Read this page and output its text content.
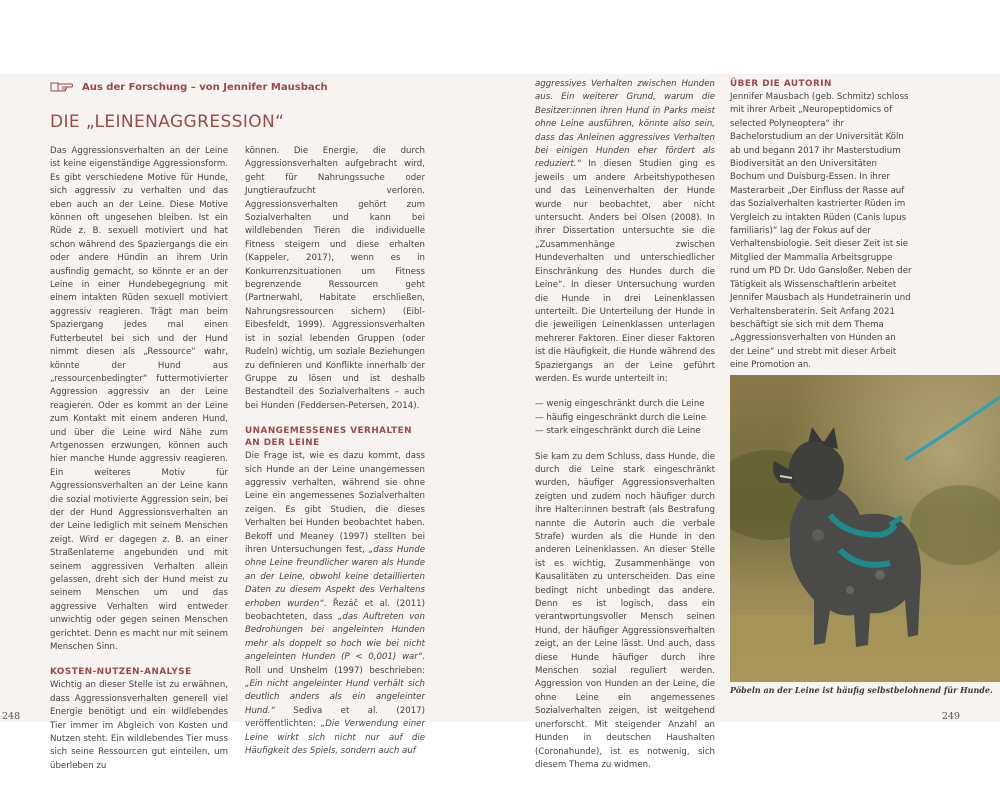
Aus der Forschung – von Jennifer Mausbach
DIE „LEINENAGGRESSION“

Das Aggressionsverhalten an der Leine ist keine eigenständige Aggressionsform. Es gibt verschiedene Motive für Hunde, sich aggressiv zu verhalten und das eben auch an der Leine. Diese Motive können oft ungesehen bleiben. Ist ein Rüde z. B. sexuell motiviert und hat schon während des Spaziergangs die ein oder andere Hündin an ihrem Urin ausfindig gemacht, so könnte er an der Leine in einer Hundebegegnung mit einem intakten Rüden sexuell motiviert aggressiv reagieren. Trägt man beim Spaziergang jedes mal einen Futterbeutel bei sich und der Hund nimmt diesen als „Ressource“ wahr, könnte der Hund aus „ressourcenbedingter“ futtermotivierter Aggression aggressiv an der Leine reagieren. Oder es kommt an der Leine zum Kontakt mit einem anderen Hund, und über die Leine wird Nähe zum Artgenossen erzwungen, können auch hier manche Hunde aggressiv reagieren. Ein weiteres Motiv für Aggressionsverhalten an der Leine kann die sozial motivierte Aggression sein, bei der der Hund Aggressionsverhalten an der Leine lediglich mit seinem Menschen zeigt. Wird er dagegen z. B. an einer Straßenlaterne angebunden und mit seinem aggressiven Verhalten allein gelassen, dreht sich der Hund meist zu seinem Menschen um und das aggressive Verhalten wird entweder unwichtig oder gegen seinen Menschen gerichtet. Denn es macht nur mit seinem Menschen Sinn.

KOSTEN-NUTZEN-ANALYSE

Wichtig an dieser Stelle ist zu erwähnen, dass Aggressionsverhalten generell viel Energie benötigt und ein wildlebendes Tier immer im Abgleich von Kosten und Nutzen steht. Ein wildlebendes Tier muss sich seine Ressourcen gut einteilen, um überleben zu

können. Die Energie, die durch Aggressionsverhalten aufgebracht wird, geht für Nahrungssuche oder Jungtieraufzucht verloren. Aggressionsverhalten gehört zum Sozialverhalten und kann bei wildlebenden Tieren die individuelle Fitness steigern und diese erhalten (Kappeler, 2017), wenn es in Konkurrenzsituationen um Fitness begrenzende Ressourcen geht (Partnerwahl, Habitate erschließen, Nahrungsressourcen sichern) (Eibl-Eibesfeldt, 1999). Aggressionsverhalten ist in sozial lebenden Gruppen (oder Rudeln) wichtig, um soziale Beziehungen zu definieren und Konflikte innerhalb der Gruppe zu lösen und ist deshalb Bestandteil des Sozialverhaltens – auch bei Hunden (Feddersen-Petersen, 2014).

UNANGEMESSENES VERHALTEN AN DER LEINE

Die Frage ist, wie es dazu kommt, dass sich Hunde an der Leine unangemessen aggressiv verhalten, während sie ohne Leine ein angemessenes Sozialverhalten zeigen. Es gibt Studien, die dieses Verhalten bei Hunden beobachtet haben. Bekoff und Meaney (1997) stellten bei ihren Untersuchungen fest, „dass Hunde ohne Leine freundlicher waren als Hunde an der Leine, obwohl keine detaillierten Daten zu diesem Aspekt des Verhaltens erhoben wurden“. Řezáč et al. (2011) beobachteten, dass „das Auftreten von Bedrohungen bei angeleinten Hunden mehr als doppelt so hoch wie bei nicht angeleinten Hunden (P < 0,001) war“. Roll und Unshelm (1997) beschrieben: „Ein nicht angeleinter Hund verhält sich deutlich anders als ein angeleinter Hund.“ Sediva et al. (2017) veröffentlichten: „Die Verwendung einer Leine wirkt sich nicht nur auf die Häufigkeit des Spiels, sondern auch auf

aggressives Verhalten zwischen Hunden aus. Ein weiterer Grund, warum die Besitzer:innen ihren Hund in Parks meist ohne Leine ausführen, könnte also sein, dass das Anleinen aggressives Verhalten bei einigen Hunden eher fördert als reduziert.“ In diesen Studien ging es jeweils um andere Arbeitshypothesen und das Leinenverhalten der Hunde wurde nur beobachtet, aber nicht untersucht. Anders bei Olsen (2008). In ihrer Dissertation untersuchte sie die „Zusammenhänge zwischen Hundeverhalten und unterschiedlicher Einschränkung des Hundes durch die Leine“. In dieser Untersuchung wurden die Hunde in drei Leinenklassen unterteilt. Die Unterteilung der Hunde in die jeweiligen Leinenklassen unterlagen mehrerer Faktoren. Einer dieser Faktoren ist die Häufigkeit, die Hunde während des Spaziergangs an der Leine geführt werden. Es wurde unterteilt in:

— wenig eingeschränkt durch die Leine
— häufig eingeschränkt durch die Leine
— stark eingeschränkt durch die Leine

Sie kam zu dem Schluss, dass Hunde, die durch die Leine stark eingeschränkt wurden, häufiger Aggressionsverhalten zeigten und zudem noch häufiger durch ihre Halter:innen bestraft (als Bestrafung nannte die Autorin auch die verbale Strafe) wurden als die Hunde in den anderen Leinenklassen. An dieser Stelle ist es wichtig, Zusammenhänge von Kausalitäten zu unterscheiden. Das eine bedingt nicht unbedingt das andere. Denn es ist logisch, dass ein verantwortungsvoller Mensch seinen Hund, der häufiger Aggressionsverhalten zeigt, an der Leine lässt. Und auch, dass diese Hunde häufiger durch ihre Menschen sozial reguliert werden. Aggression von Hunden an der Leine, die ohne Leine ein angemessenes Sozialverhalten zeigen, ist weitgehend unerforscht. Mit steigender Anzahl an Hunden in deutschen Haushalten (Coronahunde), ist es notwenig, sich diesem Thema zu widmen.

ÜBER DIE AUTORIN

Jennifer Mausbach (geb. Schmitz) schloss mit ihrer Arbeit „Neuropeptidomics of selected Polyneoptera“ ihr Bachelorstudium an der Universität Köln ab und begann 2017 ihr Masterstudium Biodiversität an den Universitäten Bochum und Duisburg-Essen. In ihrer Masterarbeit „Der Einfluss der Rasse auf das Sozialverhalten kastrierter Rüden im Vergleich zu intakten Rüden (Canis lupus familiaris)“ lag der Fokus auf der Verhaltensbiologie. Seit dieser Zeit ist sie Mitglied der Mammalia Arbeitsgruppe rund um PD Dr. Udo Gansloßer. Neben der Tätigkeit als Wissenschaftlerin arbeitet Jennifer Mausbach als Hundetrainerin und Verhaltensberaterin. Seit Anfang 2021 beschäftigt sie sich mit dem Thema „Aggressionsverhalten von Hunden an der Leine“ und strebt mit dieser Arbeit eine Promotion an.

Pöbeln an der Leine ist häufig selbstbelohnend für Hunde.
248	249
